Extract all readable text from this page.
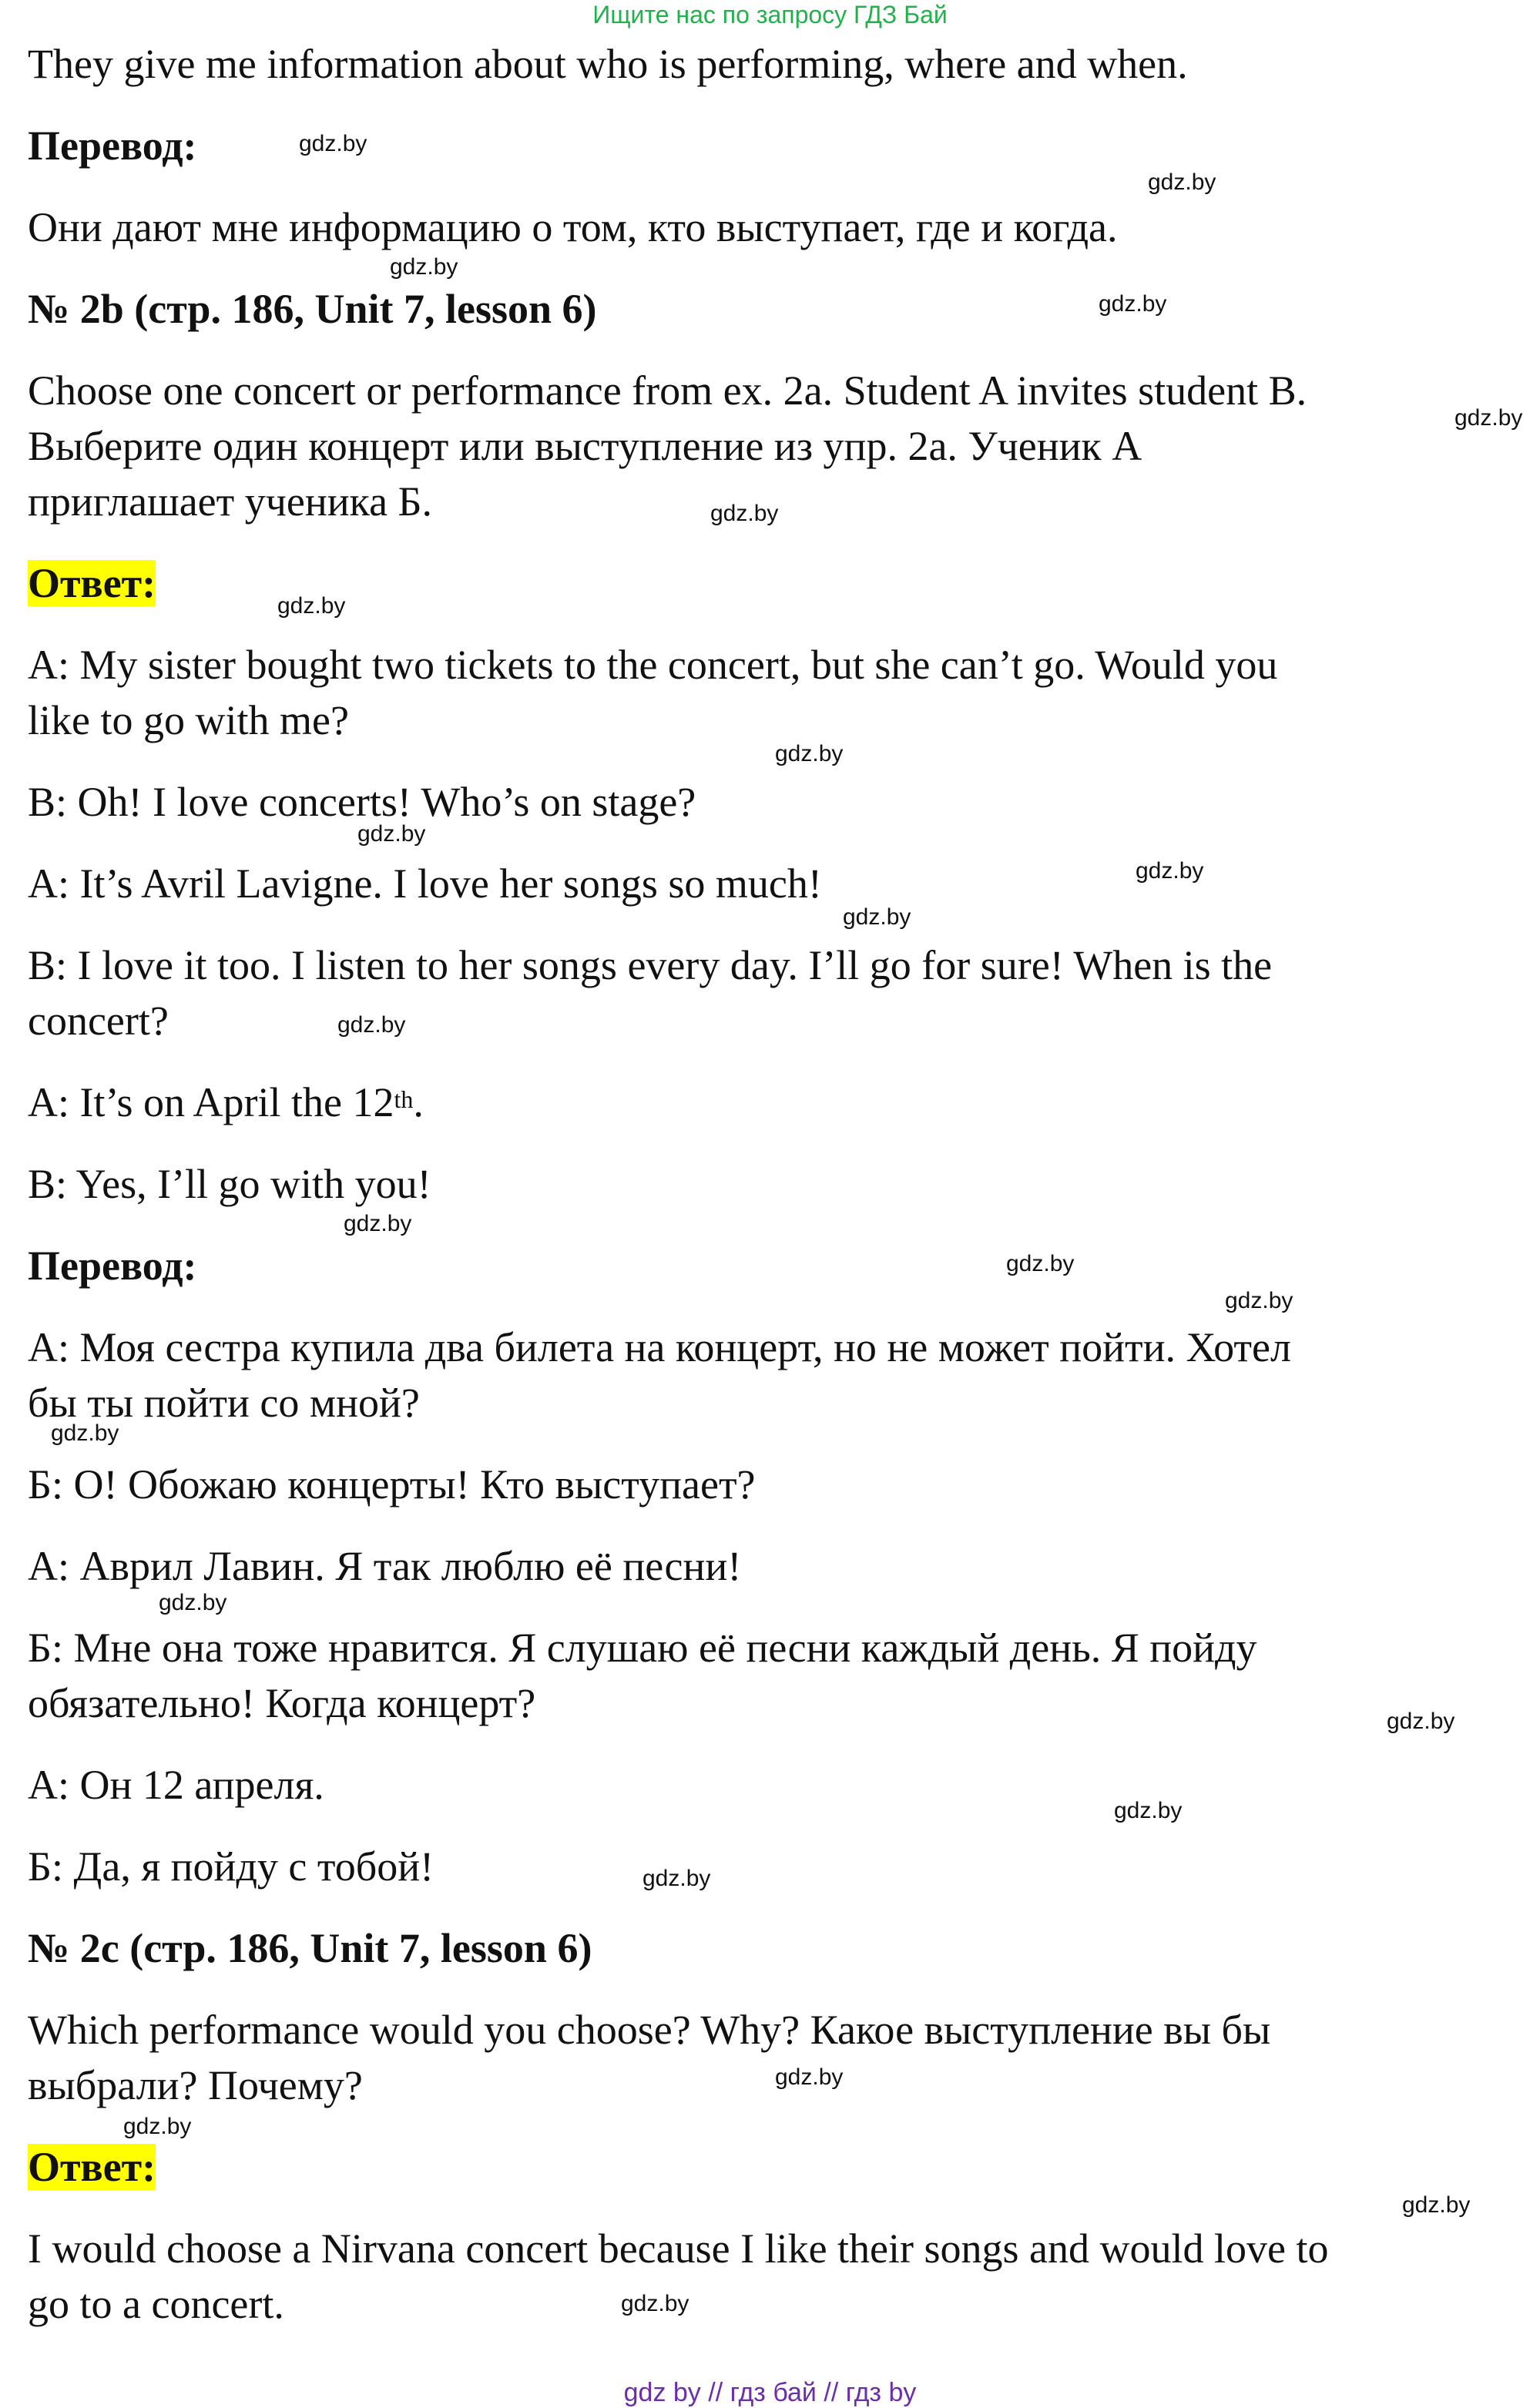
Ищите нас по запросу ГДЗ Бай
They give me information about who is performing, where and when.
Перевод:
Они дают мне информацию о том, кто выступает, где и когда.
№ 2b (стр. 186, Unit 7, lesson 6)
Choose one concert or performance from ex. 2a. Student A invites student B.
Выберите один концерт или выступление из упр. 2a. Ученик А
приглашает ученика Б.
Ответ:
A: My sister bought two tickets to the concert, but she can’t go. Would you
like to go with me?
B: Oh! I love concerts! Who’s on stage?
A: It’s Avril Lavigne. I love her songs so much!
B: I love it too. I listen to her songs every day. I’ll go for sure! When is the
concert?
A: It’s on April the 12th.
B: Yes, I’ll go with you!
Перевод:
А: Моя сестра купила два билета на концерт, но не может пойти. Хотел
бы ты пойти со мной?
Б: О! Обожаю концерты! Кто выступает?
А: Аврил Лавин. Я так люблю её песни!
Б: Мне она тоже нравится. Я слушаю её песни каждый день. Я пойду
обязательно! Когда концерт?
А: Он 12 апреля.
Б: Да, я пойду с тобой!
№ 2c (стр. 186, Unit 7, lesson 6)
Which performance would you choose? Why? Какое выступление вы бы
выбрали? Почему?
Ответ:
I would choose a Nirvana concert because I like their songs and would love to
go to a concert.
gdz.by
gdz.by
gdz.by
gdz.by
gdz.by
gdz.by
gdz.by
gdz.by
gdz.by
gdz.by
gdz.by
gdz.by
gdz.by
gdz.by
gdz.by
gdz.by
gdz.by
gdz.by
gdz.by
gdz.by
gdz.by
gdz.by
gdz.by
gdz.by
gdz by // гдз бай // гдз by
